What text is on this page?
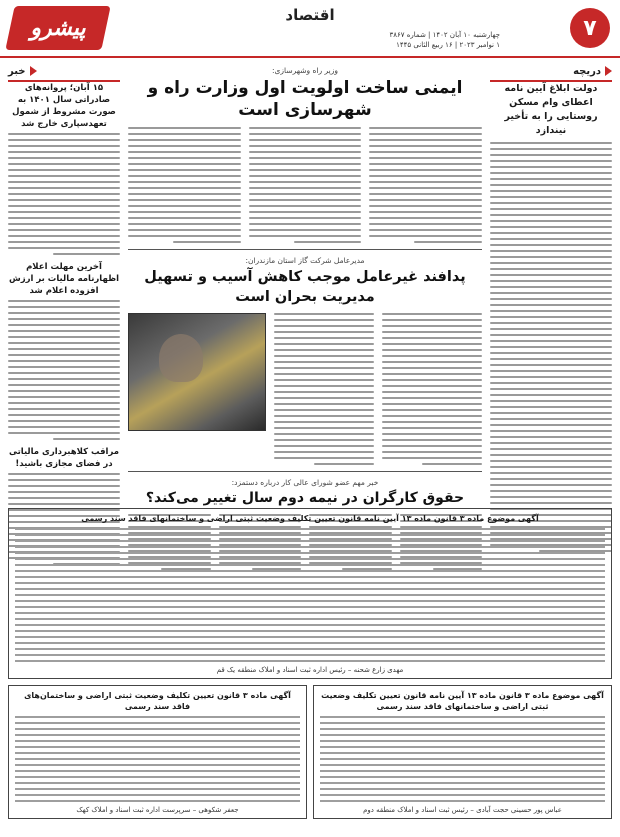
۷
اقتصاد
چهارشنبه ۱۰ آبان ۱۴۰۲ | شماره ۳۸۶۷
۱ نوامبر ۲۰۲۳ | ۱۶ ربیع الثانی ۱۴۴۵
پیشرو
دریچه
خبر
دولت ابلاغ آیین نامه اعطای وام مسکن روستایی را به تأخیر نیندازد
وزیر راه وشهرسازی:
ایمنی ساخت اولویت اول وزارت راه و شهرسازی است
مدیرعامل شرکت گاز استان مازندران:
پدافند غیرعامل موجب کاهش آسیب و تسهیل مدیریت بحران است
خبر مهم عضو شورای عالی کار درباره دستمزد:
حقوق کارگران در نیمه دوم سال تغییر می‌کند؟
۱۵ آبان؛ پروانه‌های صادراتی سال ۱۴۰۱ به صورت مشروط از شمول تعهدسپاری خارج شد
آخرین مهلت اعلام اظهارنامه مالیات بر ارزش افزوده اعلام شد
مراقب کلاهبرداری مالیاتی در فضای مجازی باشید!
آگهی موضوع ماده ۳ قانون ماده ۱۳ آیین نامه قانون تعیین تکلیف وضعیت ثبتی اراضی و ساختمانهای فاقد سند رسمی
مهدی زارع شحنه – رئیس اداره ثبت اسناد و املاک منطقه یک قم
آگهی موضوع ماده ۳ قانون ماده ۱۳ آیین نامه قانون تعیین تکلیف وضعیت ثبتی اراضی و ساختمانهای فاقد سند رسمی
عباس پور حسینی حجت آبادی – رئیس ثبت اسناد و املاک منطقه دوم
آگهی ماده ۳ قانون تعیین تکلیف وضعیت ثبتی اراضی و ساختمان‌های فاقد سند رسمی
جعفر شکوهی – سرپرست اداره ثبت اسناد و املاک کهک
